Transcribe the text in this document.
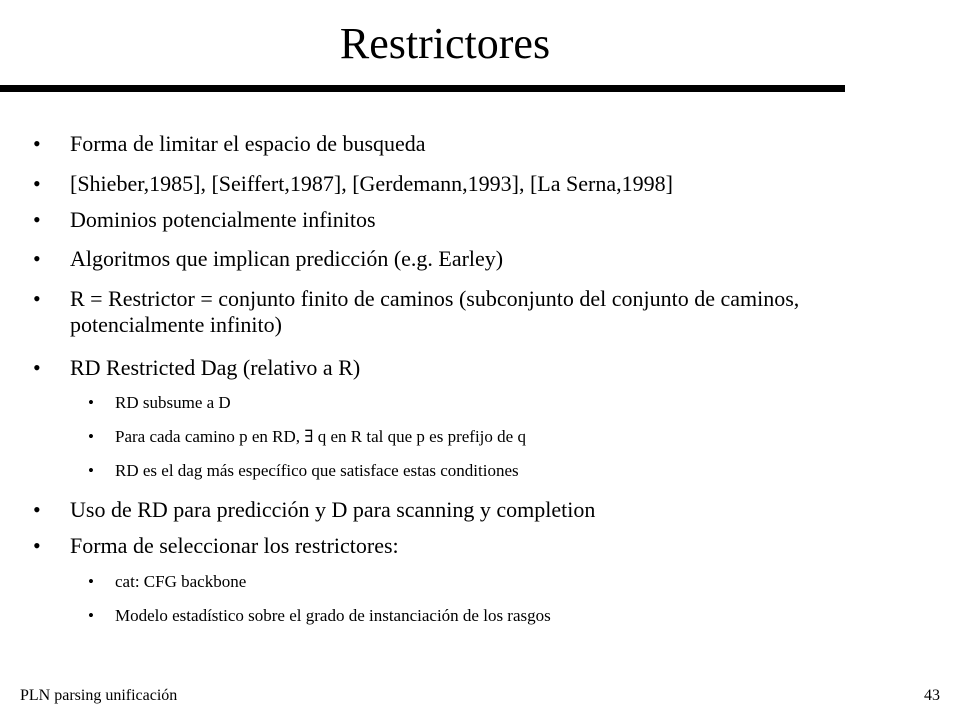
Restrictores
• Forma de limitar el espacio de busqueda
• [Shieber,1985], [Seiffert,1987], [Gerdemann,1993], [La Serna,1998]
• Dominios potencialmente infinitos
• Algoritmos que implican predicción (e.g. Earley)
• R = Restrictor = conjunto finito de caminos (subconjunto del conjunto de caminos, potencialmente infinito)
• RD Restricted Dag (relativo a R)
• RD subsume a D
• Para cada camino p en RD, ∃ q en R tal que p es prefijo de q
• RD es el dag más específico que satisface estas conditiones
• Uso de RD para predicción y D para scanning y completion
• Forma de seleccionar los restrictores:
• cat: CFG backbone
• Modelo estadístico sobre el grado de instanciación de los rasgos
PLN parsing unificación	43
